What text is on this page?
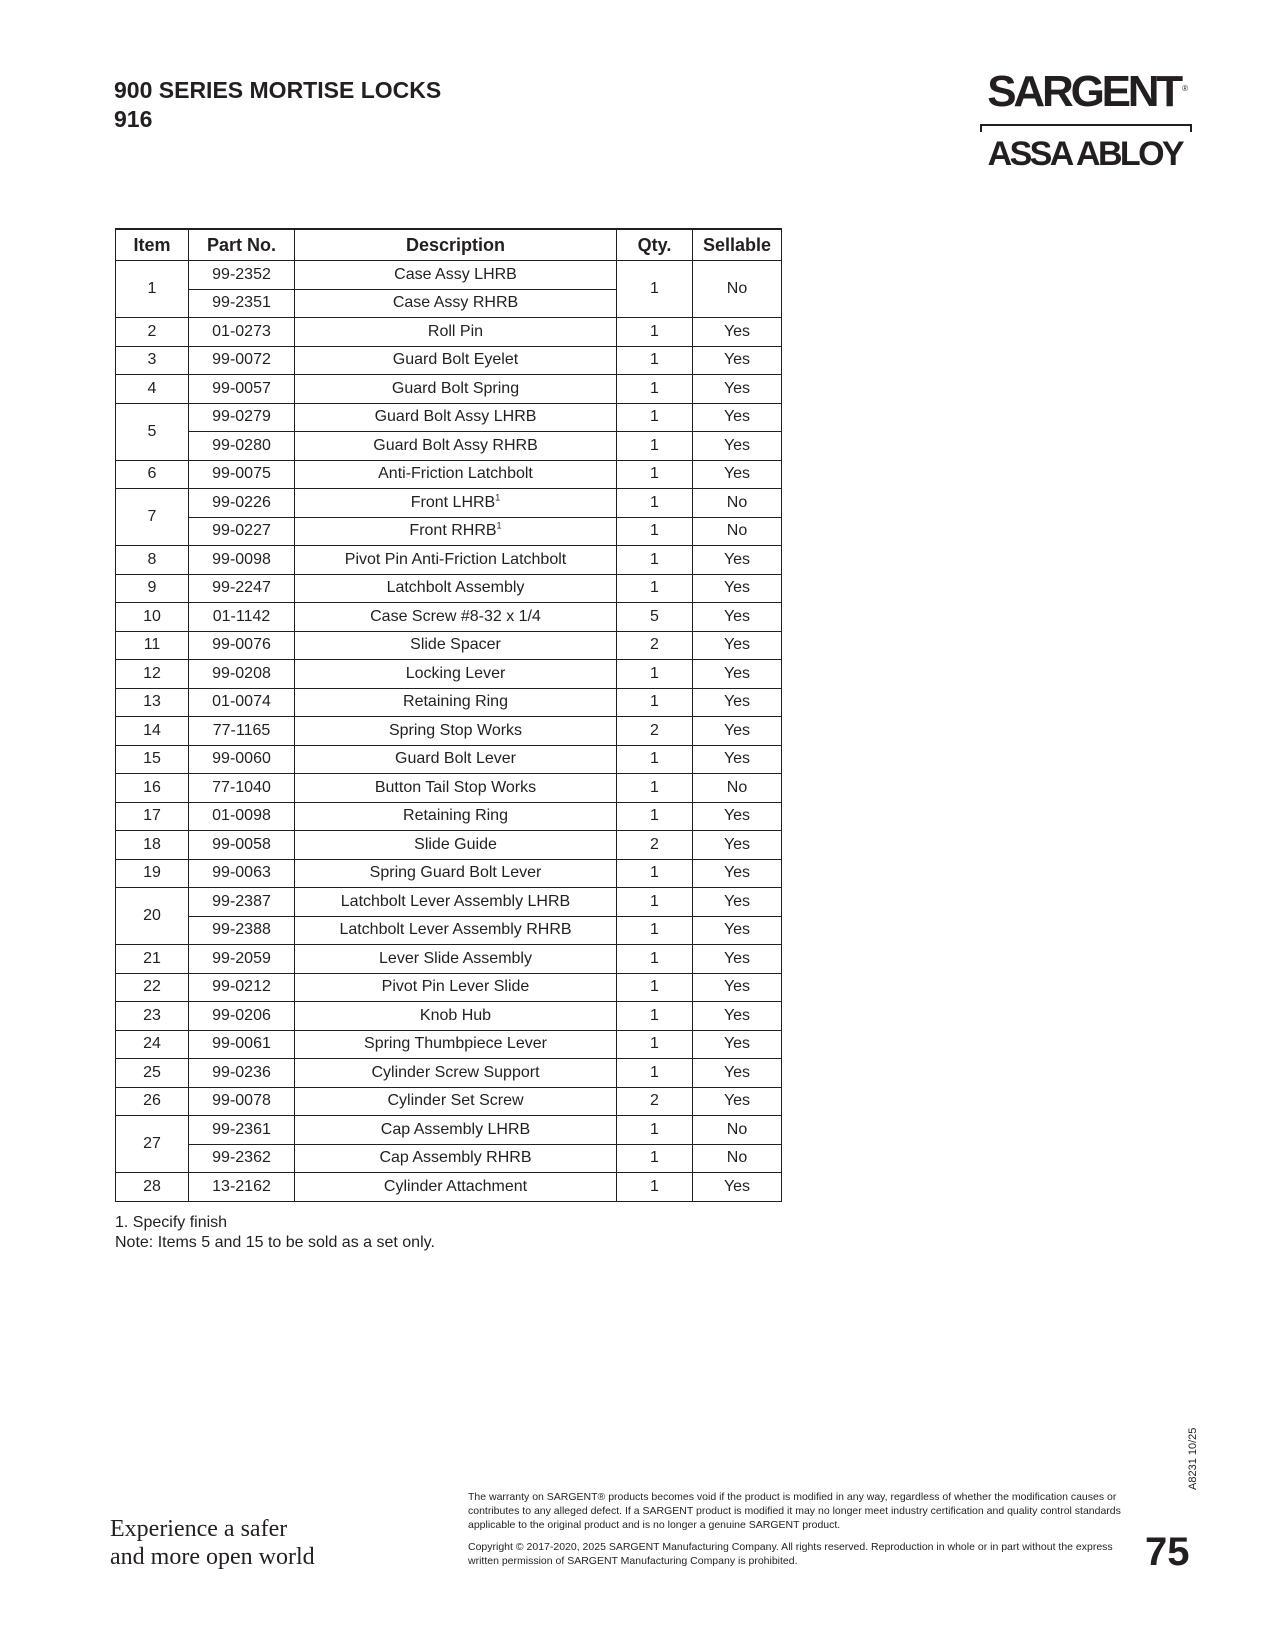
900 SERIES MORTISE LOCKS
916
SARGENT ®
ASSA ABLOY
Item	Part No.	Description	Qty.	Sellable
1	99-2352	Case Assy LHRB	1	No
	99-2351	Case Assy RHRB		
2	01-0273	Roll Pin	1	Yes
3	99-0072	Guard Bolt Eyelet	1	Yes
4	99-0057	Guard Bolt Spring	1	Yes
5	99-0279	Guard Bolt Assy LHRB	1	Yes
	99-0280	Guard Bolt Assy RHRB	1	Yes
6	99-0075	Anti-Friction Latchbolt	1	Yes
7	99-0226	Front LHRB$^1$	1	No
	99-0227	Front RHRB$^1$	1	No
8	99-0098	Pivot Pin Anti-Friction Latchbolt	1	Yes
9	99-2247	Latchbolt Assembly	1	Yes
10	01-1142	Case Screw #8-32 x 1/4	5	Yes
11	99-0076	Slide Spacer	2	Yes
12	99-0208	Locking Lever	1	Yes
13	01-0074	Retaining Ring	1	Yes
14	77-1165	Spring Stop Works	2	Yes
15	99-0060	Guard Bolt Lever	1	Yes
16	77-1040	Button Tail Stop Works	1	No
17	01-0098	Retaining Ring	1	Yes
18	99-0058	Slide Guide	2	Yes
19	99-0063	Spring Guard Bolt Lever	1	Yes
20	99-2387	Latchbolt Lever Assembly LHRB	1	Yes
	99-2388	Latchbolt Lever Assembly RHRB	1	Yes
21	99-2059	Lever Slide Assembly	1	Yes
22	99-0212	Pivot Pin Lever Slide	1	Yes
23	99-0206	Knob Hub	1	Yes
24	99-0061	Spring Thumbpiece Lever	1	Yes
25	99-0236	Cylinder Screw Support	1	Yes
26	99-0078	Cylinder Set Screw	2	Yes
27	99-2361	Cap Assembly LHRB	1	No
	99-2362	Cap Assembly RHRB	1	No
28	13-2162	Cylinder Attachment	1	Yes
1. Specify finish
Note: Items 5 and 15 to be sold as a set only.
A8231 10/25
Experience a safer
and more open world
The warranty on SARGENT® products becomes void if the product is modified in any way, regardless of whether the modification causes or contributes to any alleged defect. If a SARGENT product is modified it may no longer meet industry certification and quality control standards applicable to the original product and is no longer a genuine SARGENT product.
Copyright © 2017-2020, 2025 SARGENT Manufacturing Company. All rights reserved. Reproduction in whole or in part without the express written permission of SARGENT Manufacturing Company is prohibited.	75
